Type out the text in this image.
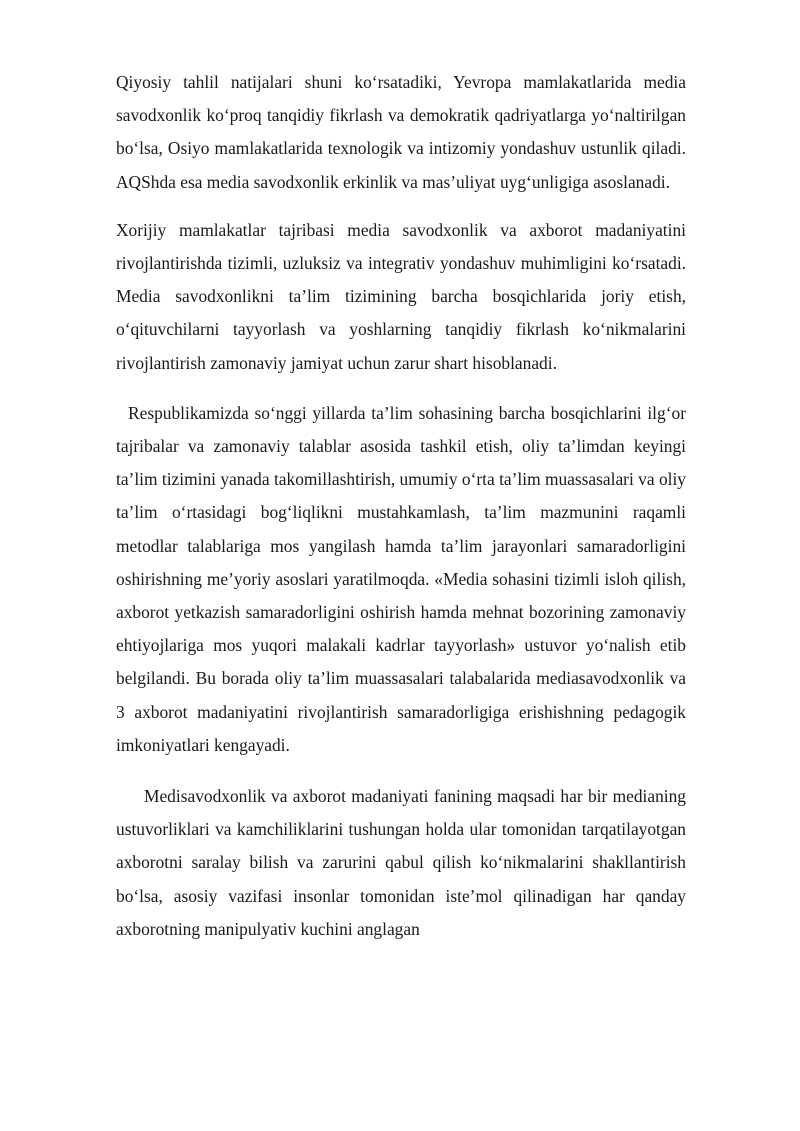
Qiyosiy tahlil natijalari shuni ko‘rsatadiki, Yevropa mamlakatlarida media savodxonlik ko‘proq tanqidiy fikrlash va demokratik qadriyatlarga yo‘naltirilgan bo‘lsa, Osiyo mamlakatlarida texnologik va intizomiy yondashuv ustunlik qiladi. AQShda esa media savodxonlik erkinlik va mas’uliyat uyg‘unligiga asoslanadi.

Xorijiy mamlakatlar tajribasi media savodxonlik va axborot madaniyatini rivojlantirishda tizimli, uzluksiz va integrativ yondashuv muhimligini ko‘rsatadi. Media savodxonlikni ta’lim tizimining barcha bosqichlarida joriy etish, o‘qituvchilarni tayyorlash va yoshlarning tanqidiy fikrlash ko‘nikmalarini rivojlantirish zamonaviy jamiyat uchun zarur shart hisoblanadi.

Respublikamizda so‘nggi yillarda ta’lim sohasining barcha bosqichlarini ilg‘or tajribalar va zamonaviy talablar asosida tashkil etish, oliy ta’limdan keyingi ta’lim tizimini yanada takomillashtirish, umumiy o‘rta ta’lim muassasalari va oliy ta’lim o‘rtasidagi bog‘liqlikni mustahkamlash, ta’lim mazmunini raqamli metodlar talablariga mos yangilash hamda ta’lim jarayonlari samaradorligini oshirishning me’yoriy asoslari yaratilmoqda. «Media sohasini tizimli isloh qilish, axborot yetkazish samaradorligini oshirish hamda mehnat bozorining zamonaviy ehtiyojlariga mos yuqori malakali kadrlar tayyorlash» ustuvor yo‘nalish etib belgilandi. Bu borada oliy ta’lim muassasalari talabalarida mediasavodxonlik va 3 axborot madaniyatini rivojlantirish samaradorligiga erishishning pedagogik imkoniyatlari kengayadi.

Medisavodxonlik va axborot madaniyati fanining maqsadi har bir medianing ustuvorliklari va kamchiliklarini tushungan holda ular tomonidan tarqatilayotgan axborotni saralay bilish va zarurini qabul qilish ko‘nikmalarini shakllantirish bo‘lsa, asosiy vazifasi insonlar tomonidan iste’mol qilinadigan har qanday axborotning manipulyativ kuchini anglagan
